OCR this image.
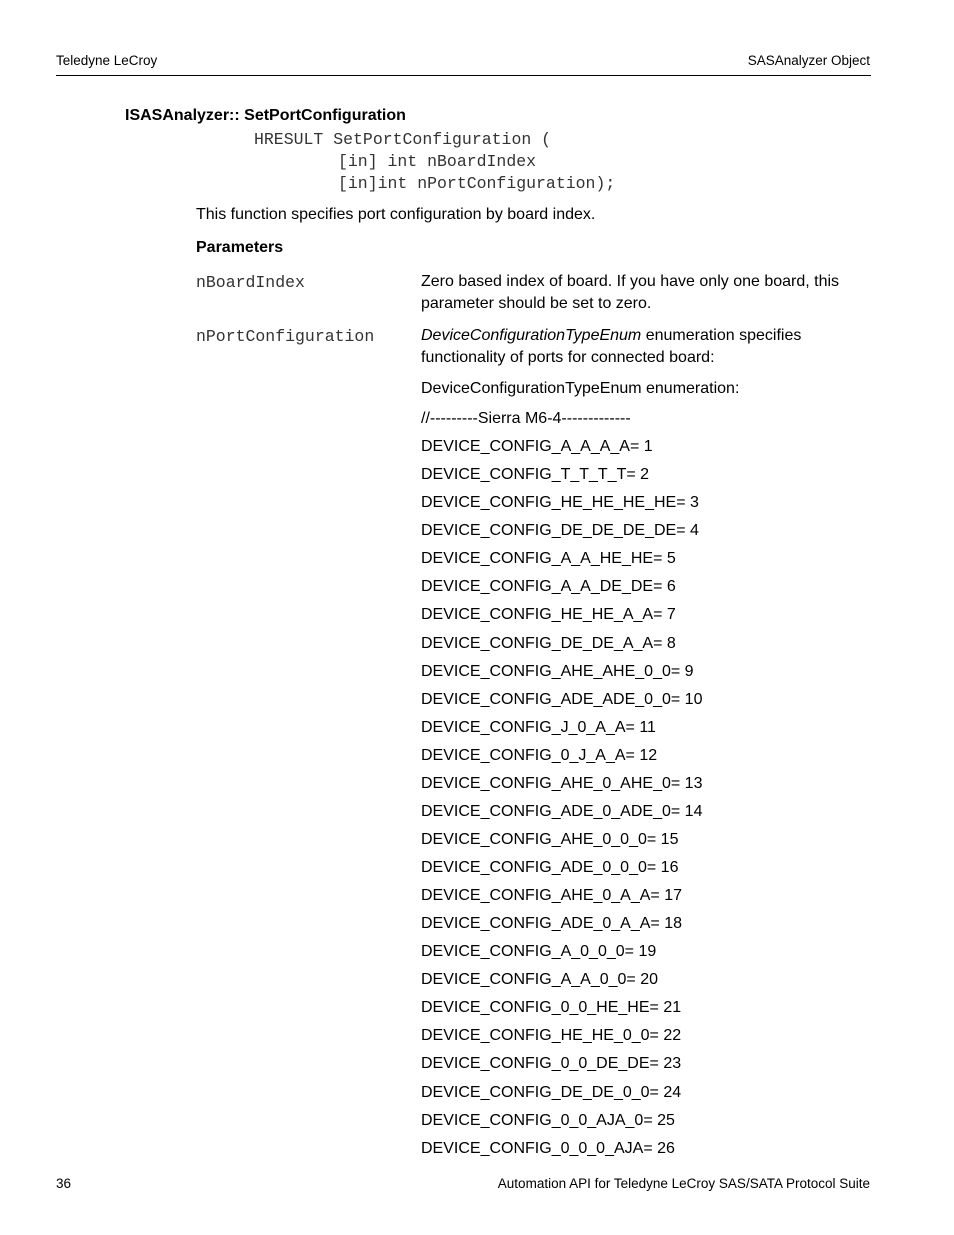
Teledyne LeCroy	SASAnalyzer Object
ISASAnalyzer:: SetPortConfiguration
HRESULT SetPortConfiguration (
[in] int nBoardIndex
[in]int nPortConfiguration);
This function specifies port configuration by board index.
Parameters
nBoardIndex	Zero based index of board. If you have only one board, this parameter should be set to zero.
nPortConfiguration	DeviceConfigurationTypeEnum enumeration specifies functionality of ports for connected board:
DeviceConfigurationTypeEnum enumeration:
//---------Sierra M6-4-------------
DEVICE_CONFIG_A_A_A_A= 1
DEVICE_CONFIG_T_T_T_T= 2
DEVICE_CONFIG_HE_HE_HE_HE= 3
DEVICE_CONFIG_DE_DE_DE_DE= 4
DEVICE_CONFIG_A_A_HE_HE= 5
DEVICE_CONFIG_A_A_DE_DE= 6
DEVICE_CONFIG_HE_HE_A_A= 7
DEVICE_CONFIG_DE_DE_A_A= 8
DEVICE_CONFIG_AHE_AHE_0_0= 9
DEVICE_CONFIG_ADE_ADE_0_0= 10
DEVICE_CONFIG_J_0_A_A= 11
DEVICE_CONFIG_0_J_A_A= 12
DEVICE_CONFIG_AHE_0_AHE_0= 13
DEVICE_CONFIG_ADE_0_ADE_0= 14
DEVICE_CONFIG_AHE_0_0_0= 15
DEVICE_CONFIG_ADE_0_0_0= 16
DEVICE_CONFIG_AHE_0_A_A= 17
DEVICE_CONFIG_ADE_0_A_A= 18
DEVICE_CONFIG_A_0_0_0= 19
DEVICE_CONFIG_A_A_0_0= 20
DEVICE_CONFIG_0_0_HE_HE= 21
DEVICE_CONFIG_HE_HE_0_0= 22
DEVICE_CONFIG_0_0_DE_DE= 23
DEVICE_CONFIG_DE_DE_0_0= 24
DEVICE_CONFIG_0_0_AJA_0= 25
DEVICE_CONFIG_0_0_0_AJA= 26
36	Automation API for Teledyne LeCroy SAS/SATA Protocol Suite
